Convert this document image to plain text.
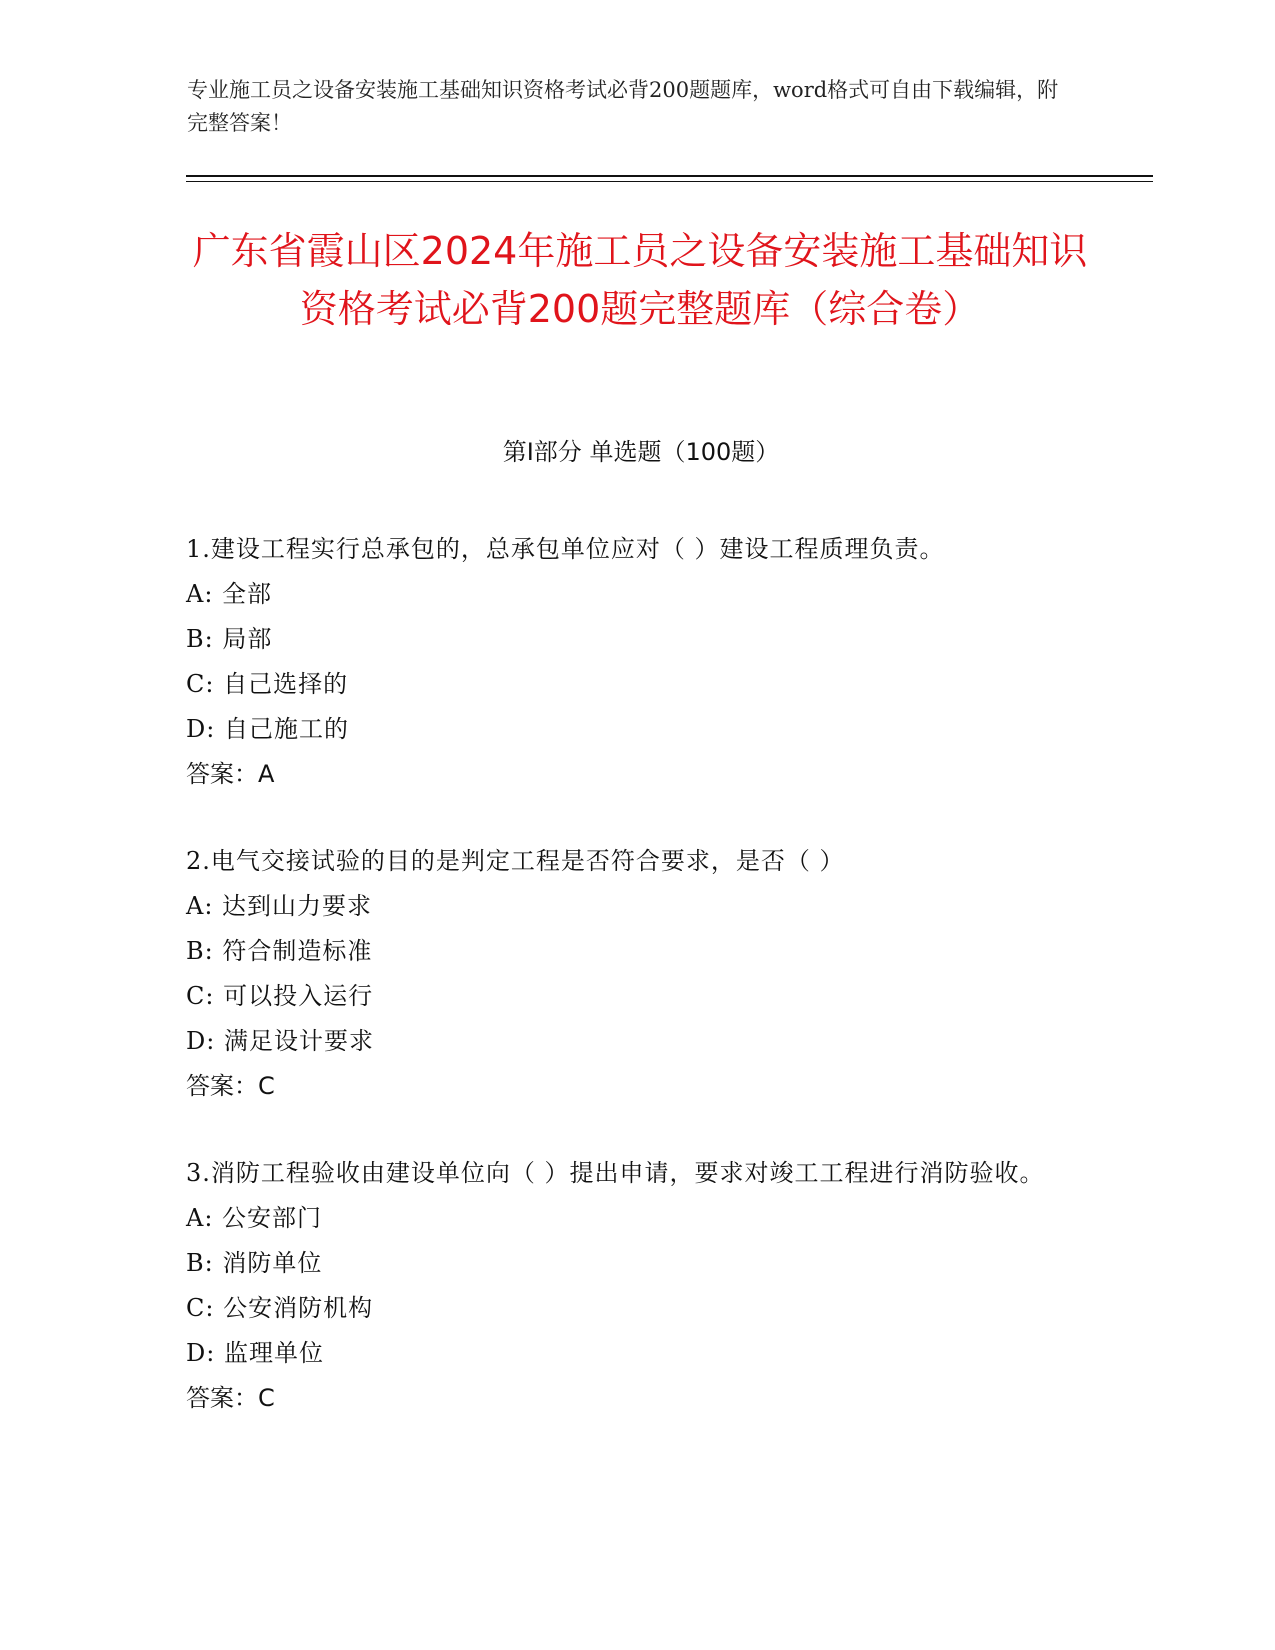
专业施工员之设备安装施工基础知识资格考试必背200题题库，word格式可自由下载编辑，附完整答案！
广东省霞山区2024年施工员之设备安装施工基础知识资格考试必背200题完整题库（综合卷）
第Ⅰ部分 单选题（100题）
1.建设工程实行总承包的，总承包单位应对（ ）建设工程质理负责。
A: 全部
B: 局部
C: 自己选择的
D: 自己施工的
答案：A
2.电气交接试验的目的是判定工程是否符合要求，是否（ ）
A: 达到山力要求
B: 符合制造标准
C: 可以投入运行
D: 满足设计要求
答案：C
3.消防工程验收由建设单位向（ ）提出申请，要求对竣工工程进行消防验收。
A: 公安部门
B: 消防单位
C: 公安消防机构
D: 监理单位
答案：C
